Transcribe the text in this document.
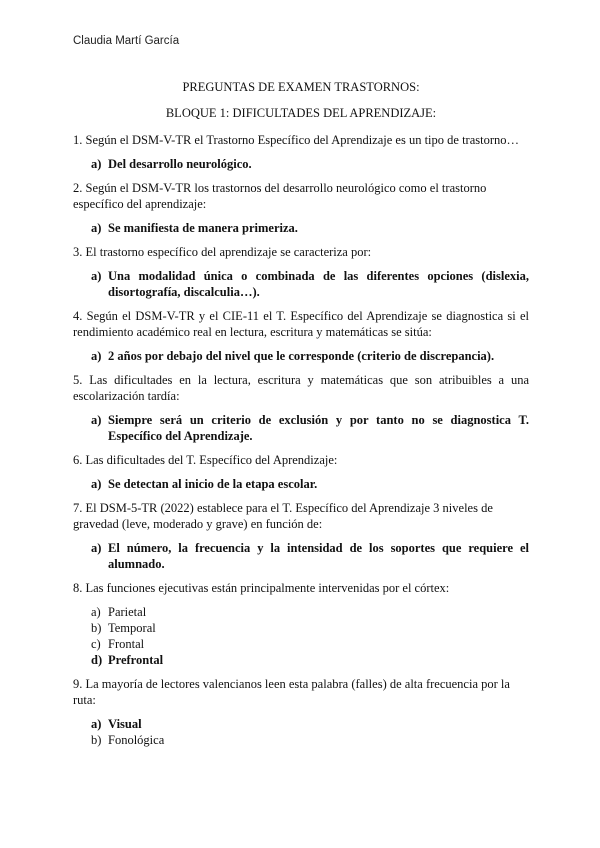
Claudia Martí García

PREGUNTAS DE EXAMEN TRASTORNOS:

BLOQUE 1: DIFICULTADES DEL APRENDIZAJE:

1. Según el DSM-V-TR el Trastorno Específico del Aprendizaje es un tipo de trastorno…

a) Del desarrollo neurológico.

2. Según el DSM-V-TR los trastornos del desarrollo neurológico como el trastorno específico del aprendizaje:

a) Se manifiesta de manera primeriza.

3. El trastorno específico del aprendizaje se caracteriza por:

a) Una modalidad única o combinada de las diferentes opciones (dislexia, disortografía, discalculia…).

4. Según el DSM-V-TR y el CIE-11 el T. Específico del Aprendizaje se diagnostica si el rendimiento académico real en lectura, escritura y matemáticas se sitúa:

a) 2 años por debajo del nivel que le corresponde (criterio de discrepancia).

5. Las dificultades en la lectura, escritura y matemáticas que son atribuibles a una escolarización tardía:

a) Siempre será un criterio de exclusión y por tanto no se diagnostica T. Específico del Aprendizaje.

6. Las dificultades del T. Específico del Aprendizaje:

a) Se detectan al inicio de la etapa escolar.

7. El DSM-5-TR (2022) establece para el T. Específico del Aprendizaje 3 niveles de gravedad (leve, moderado y grave) en función de:

a) El número, la frecuencia y la intensidad de los soportes que requiere el alumnado.

8. Las funciones ejecutivas están principalmente intervenidas por el córtex:

a) Parietal
b) Temporal
c) Frontal
d) Prefrontal

9. La mayoría de lectores valencianos leen esta palabra (falles) de alta frecuencia por la ruta:

a) Visual
b) Fonológica
